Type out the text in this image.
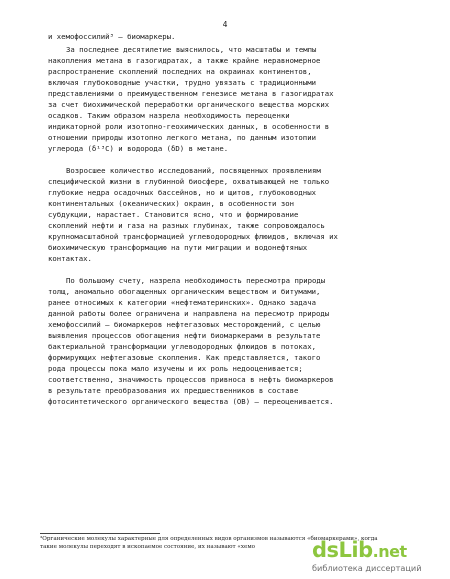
4
и хемофоссилий³ – биомаркеры.
За последнее десятилетие выяснилось, что масштабы и темпы
накопления метана в газогидратах, а также крайне неравномерное
распространение скоплений последних на окраинах континентов,
включая глубоководные участки, трудно увязать с традиционными
представлениями о преимущественном генезисе метана в газогидратах
за счет биохимической переработки органического вещества морских
осадков. Таким образом назрела необходимость переоценки
индикаторной роли изотопно-геохимических данных, в особенности в
отношении природы изотопно легкого метана, по данным изотопии
углерода (δ¹³С) и водорода (δD) в метане.
Возросшее количество исследований, посвященных проявлениям
специфической жизни в глубинной биосфере, охватывающей не только
глубокие недра осадочных бассейнов, но и щитов, глубоководных
континентальных (океанических) окраин, в особенности зон
субдукции, нарастает. Становится ясно, что и формирование
скоплений нефти и газа на разных глубинах, также сопровождалось
крупномасштабной трансформацией углеводородных флюидов, включая их
биохимическую трансформацию на пути миграции и водонефтяных
контактах.
По большому счету, назрела необходимость пересмотра природы
толщ, аномально обогащенных органическим веществом и битумами,
ранее относимых к категории «нефтематеринских». Однако задача
данной работы более ограничена и направлена на пересмотр природы
хемофоссилий – биомаркеров нефтегазовых месторождений, с целью
выявления процессов обогащения нефти биомаркерами в результате
бактериальной трансформации углеводородных флюидов в потоках,
формирующих нефтегазовые скопления. Как представляется, такого
рода процессы пока мало изучены и их роль недооценивается;
соответственно, значимость процессов привноса в нефть биомаркеров
в результате преобразования их предшественников в составе
фотосинтетического органического вещества (ОВ) – переоценивается.
³Органические молекулы характерные для определенных видов организмов называются «биомаркерами», когда
такие молекулы переходят в ископаемое состояние, их называют «хемо	dsLib.net
библиотека диссертаций
